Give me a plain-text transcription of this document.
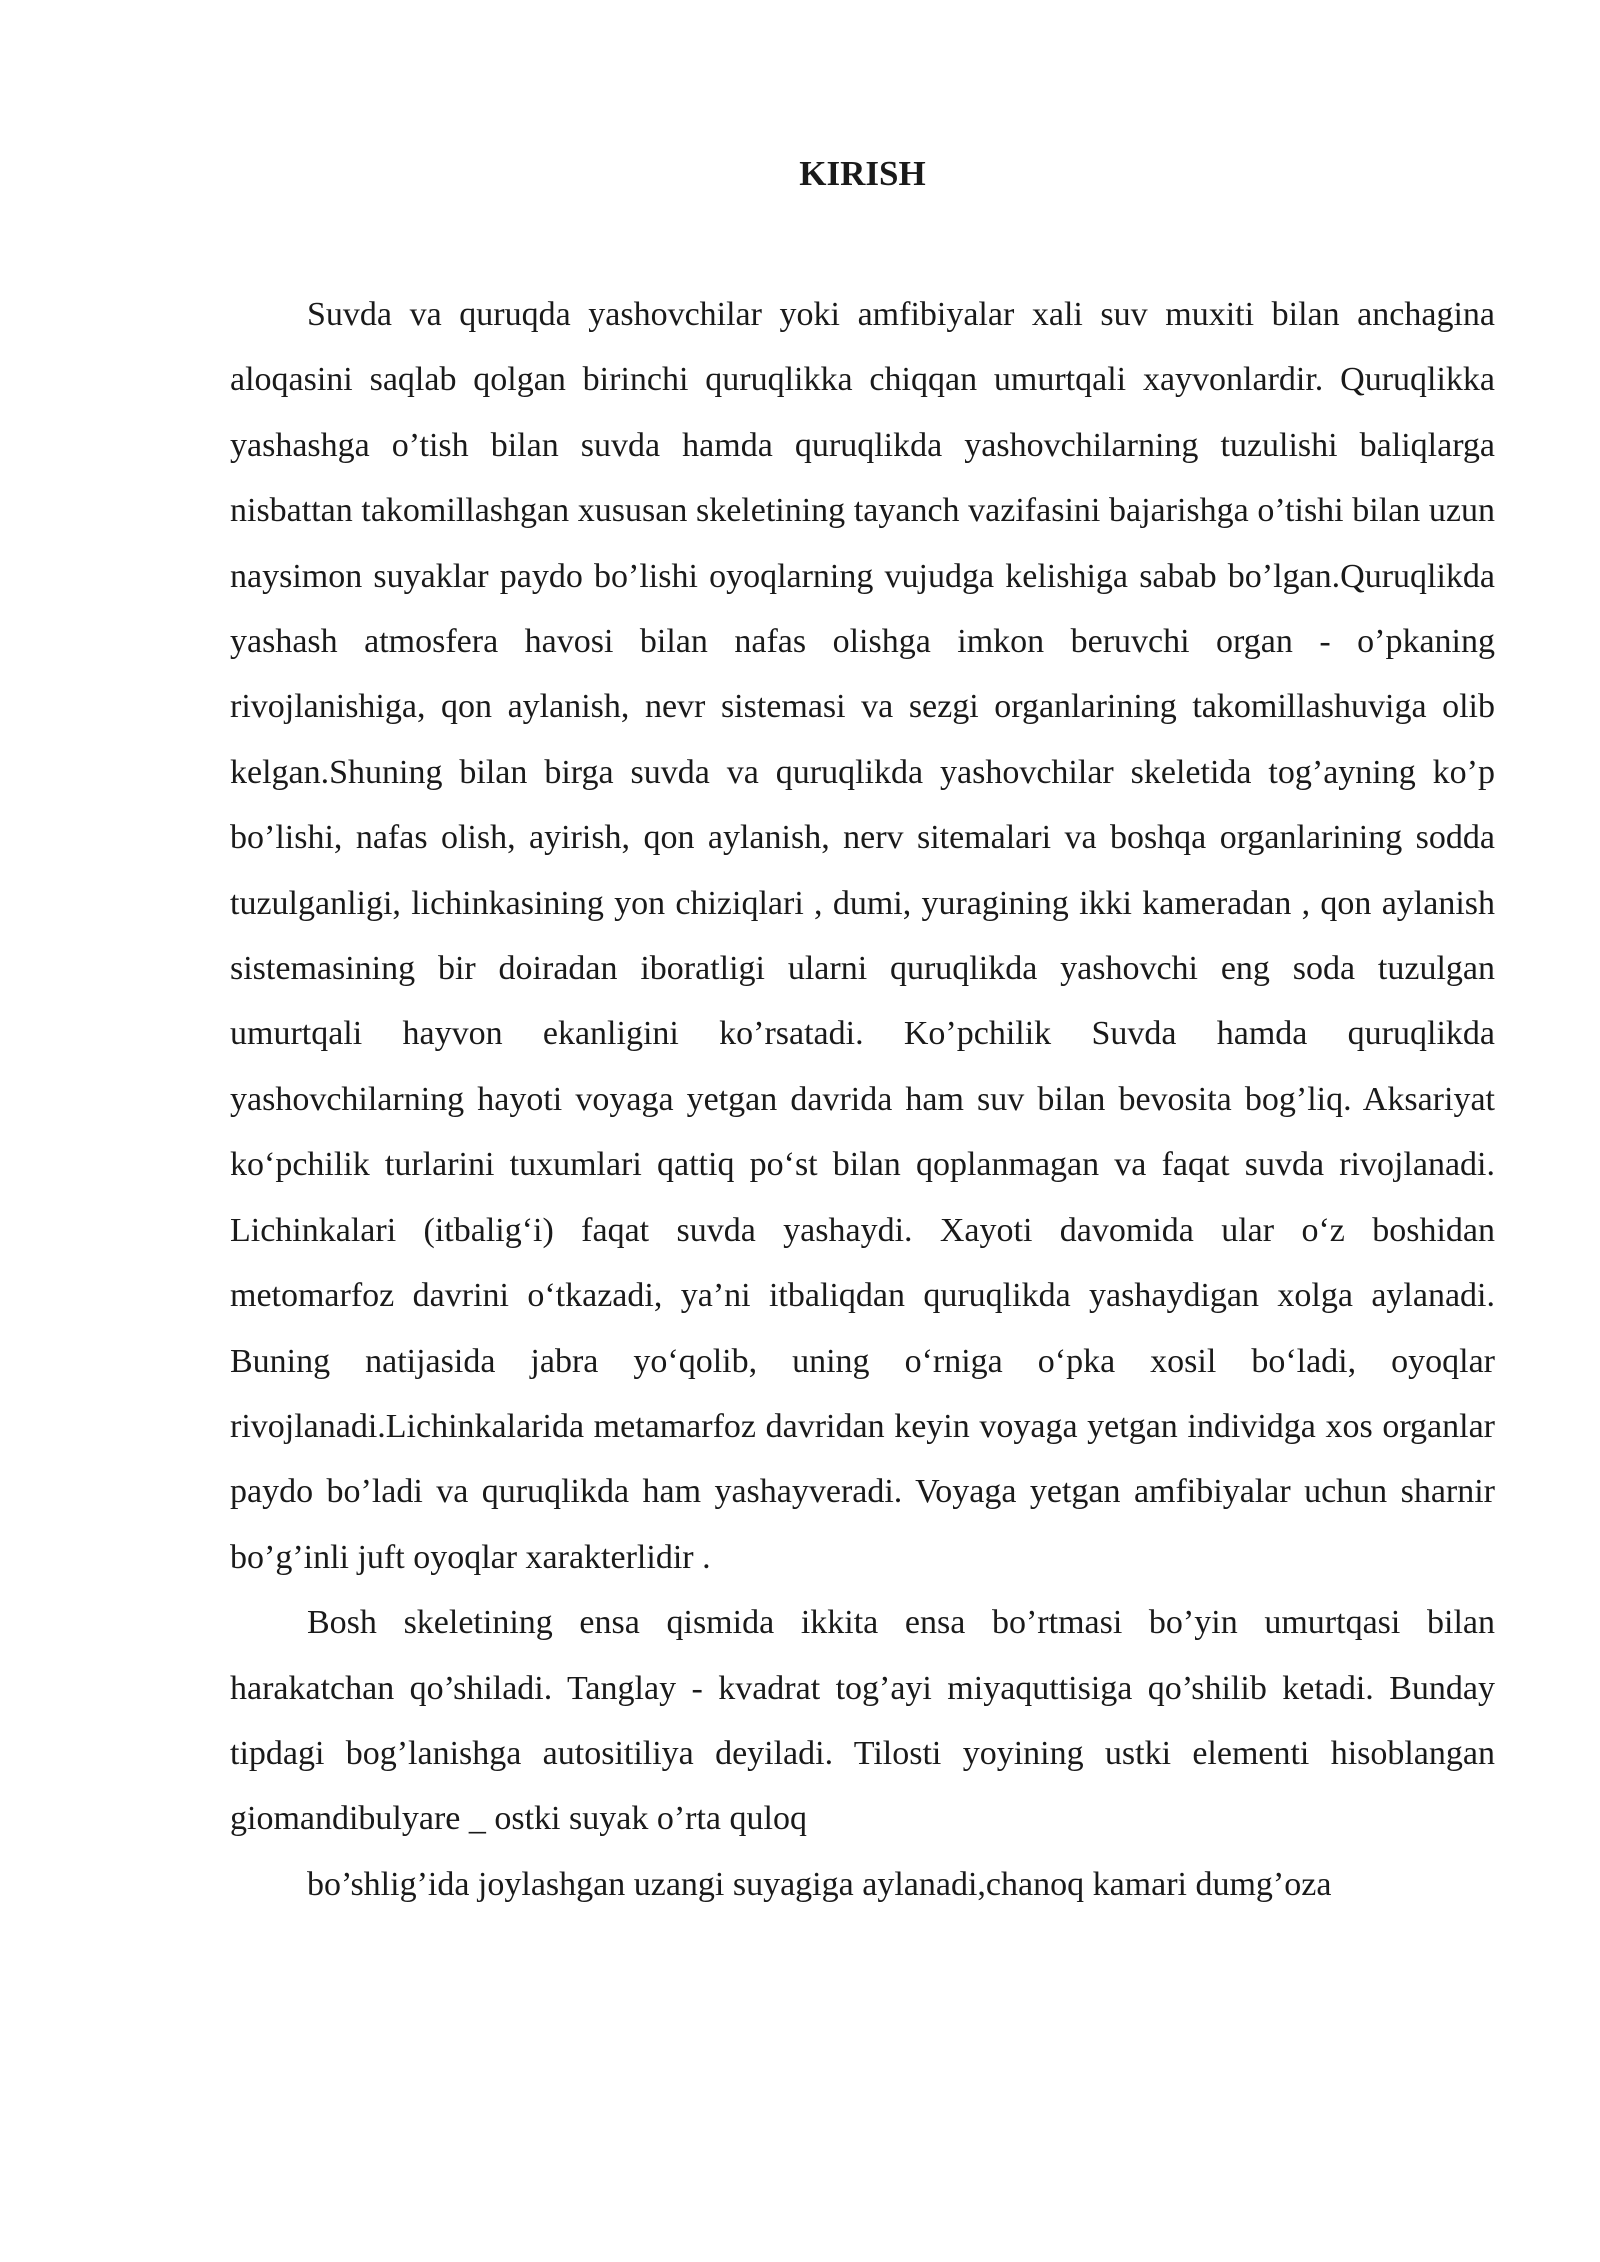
KIRISH

Suvda va quruqda yashovchilar yoki amfibiyalar xali suv muxiti bilan anchagina aloqasini saqlab qolgan birinchi quruqlikka chiqqan umurtqali xayvonlardir. Quruqlikka yashashga o’tish bilan suvda hamda quruqlikda yashovchilarning tuzulishi baliqlarga nisbattan takomillashgan xususan skeletining tayanch vazifasini bajarishga o’tishi bilan uzun naysimon suyaklar paydo bo’lishi oyoqlarning vujudga kelishiga sabab bo’lgan.Quruqlikda yashash atmosfera havosi bilan nafas olishga imkon beruvchi organ - o’pkaning rivojlanishiga, qon aylanish, nevr sistemasi va sezgi organlarining takomillashuviga olib kelgan.Shuning bilan birga suvda va quruqlikda yashovchilar skeletida tog’ayning ko’p bo’lishi, nafas olish, ayirish, qon aylanish, nerv sitemalari va boshqa organlarining sodda tuzulganligi, lichinkasining yon chiziqlari , dumi, yuragining ikki kameradan , qon aylanish sistemasining bir doiradan iboratligi ularni quruqlikda yashovchi eng soda tuzulgan umurtqali hayvon ekanligini ko’rsatadi. Ko’pchilik Suvda hamda quruqlikda yashovchilarning hayoti voyaga yetgan davrida ham suv bilan bevosita bog’liq. Aksariyat koʻpchilik turlarini tuxumlari qattiq poʻst bilan qoplanmagan va faqat suvda rivojlanadi. Lichinkalari (itbaligʻi) faqat suvda yashaydi. Xayoti davomida ular oʻz boshidan metomarfoz davrini oʻtkazadi, ya’ni itbaliqdan quruqlikda yashaydigan xolga aylanadi. Buning natijasida jabra yoʻqolib, uning oʻrniga oʻpka xosil boʻladi, oyoqlar rivojlanadi.Lichinkalarida metamarfoz davridan keyin voyaga yetgan individga xos organlar paydo bo’ladi va quruqlikda ham yashayveradi. Voyaga yetgan amfibiyalar uchun sharnir bo’g’inli juft oyoqlar xarakterlidir .

Bosh skeletining ensa qismida ikkita ensa bo’rtmasi bo’yin umurtqasi bilan harakatchan qo’shiladi. Tanglay - kvadrat tog’ayi miyaquttisiga qo’shilib ketadi. Bunday tipdagi bog’lanishga autositiliya deyiladi. Tilosti yoyining ustki elementi hisoblangan giomandibulyare _ ostki suyak o’rta quloq

bo’shlig’ida joylashgan uzangi suyagiga aylanadi,chanoq kamari dumg’oza
